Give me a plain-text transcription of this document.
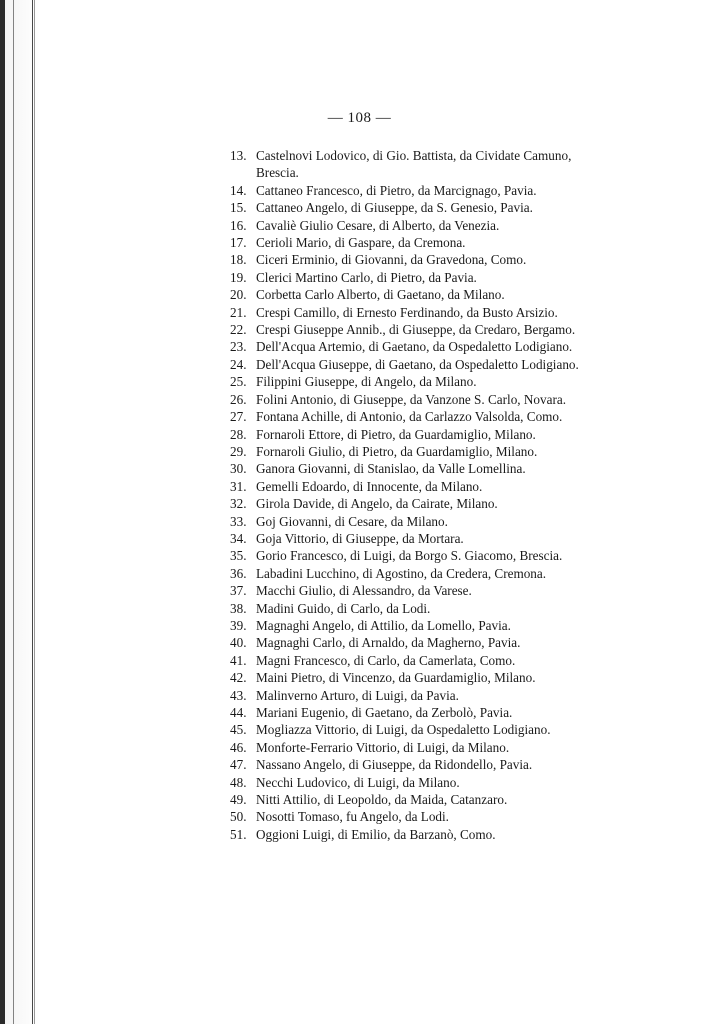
— 108 —
13. Castelnovi Lodovico, di Gio. Battista, da Cividate Camuno,
Brescia.
14. Cattaneo Francesco, di Pietro, da Marcignago, Pavia.
15. Cattaneo Angelo, di Giuseppe, da S. Genesio, Pavia.
16. Cavaliè Giulio Cesare, di Alberto, da Venezia.
17. Cerioli Mario, di Gaspare, da Cremona.
18. Ciceri Erminio, di Giovanni, da Gravedona, Como.
19. Clerici Martino Carlo, di Pietro, da Pavia.
20. Corbetta Carlo Alberto, di Gaetano, da Milano.
21. Crespi Camillo, di Ernesto Ferdinando, da Busto Arsizio.
22. Crespi Giuseppe Annib., di Giuseppe, da Credaro, Bergamo.
23. Dell'Acqua Artemio, di Gaetano, da Ospedaletto Lodigiano.
24. Dell'Acqua Giuseppe, di Gaetano, da Ospedaletto Lodigiano.
25. Filippini Giuseppe, di Angelo, da Milano.
26. Folini Antonio, di Giuseppe, da Vanzone S. Carlo, Novara.
27. Fontana Achille, di Antonio, da Carlazzo Valsolda, Como.
28. Fornaroli Ettore, di Pietro, da Guardamiglio, Milano.
29. Fornaroli Giulio, di Pietro, da Guardamiglio, Milano.
30. Ganora Giovanni, di Stanislao, da Valle Lomellina.
31. Gemelli Edoardo, di Innocente, da Milano.
32. Girola Davide, di Angelo, da Cairate, Milano.
33. Goj Giovanni, di Cesare, da Milano.
34. Goja Vittorio, di Giuseppe, da Mortara.
35. Gorio Francesco, di Luigi, da Borgo S. Giacomo, Brescia.
36. Labadini Lucchino, di Agostino, da Credera, Cremona.
37. Macchi Giulio, di Alessandro, da Varese.
38. Madini Guido, di Carlo, da Lodi.
39. Magnaghi Angelo, di Attilio, da Lomello, Pavia.
40. Magnaghi Carlo, di Arnaldo, da Magherno, Pavia.
41. Magni Francesco, di Carlo, da Camerlata, Como.
42. Maini Pietro, di Vincenzo, da Guardamiglio, Milano.
43. Malinverno Arturo, di Luigi, da Pavia.
44. Mariani Eugenio, di Gaetano, da Zerbolò, Pavia.
45. Mogliazza Vittorio, di Luigi, da Ospedaletto Lodigiano.
46. Monforte-Ferrario Vittorio, di Luigi, da Milano.
47. Nassano Angelo, di Giuseppe, da Ridondello, Pavia.
48. Necchi Ludovico, di Luigi, da Milano.
49. Nitti Attilio, di Leopoldo, da Maida, Catanzaro.
50. Nosotti Tomaso, fu Angelo, da Lodi.
51. Oggioni Luigi, di Emilio, da Barzanò, Como.
